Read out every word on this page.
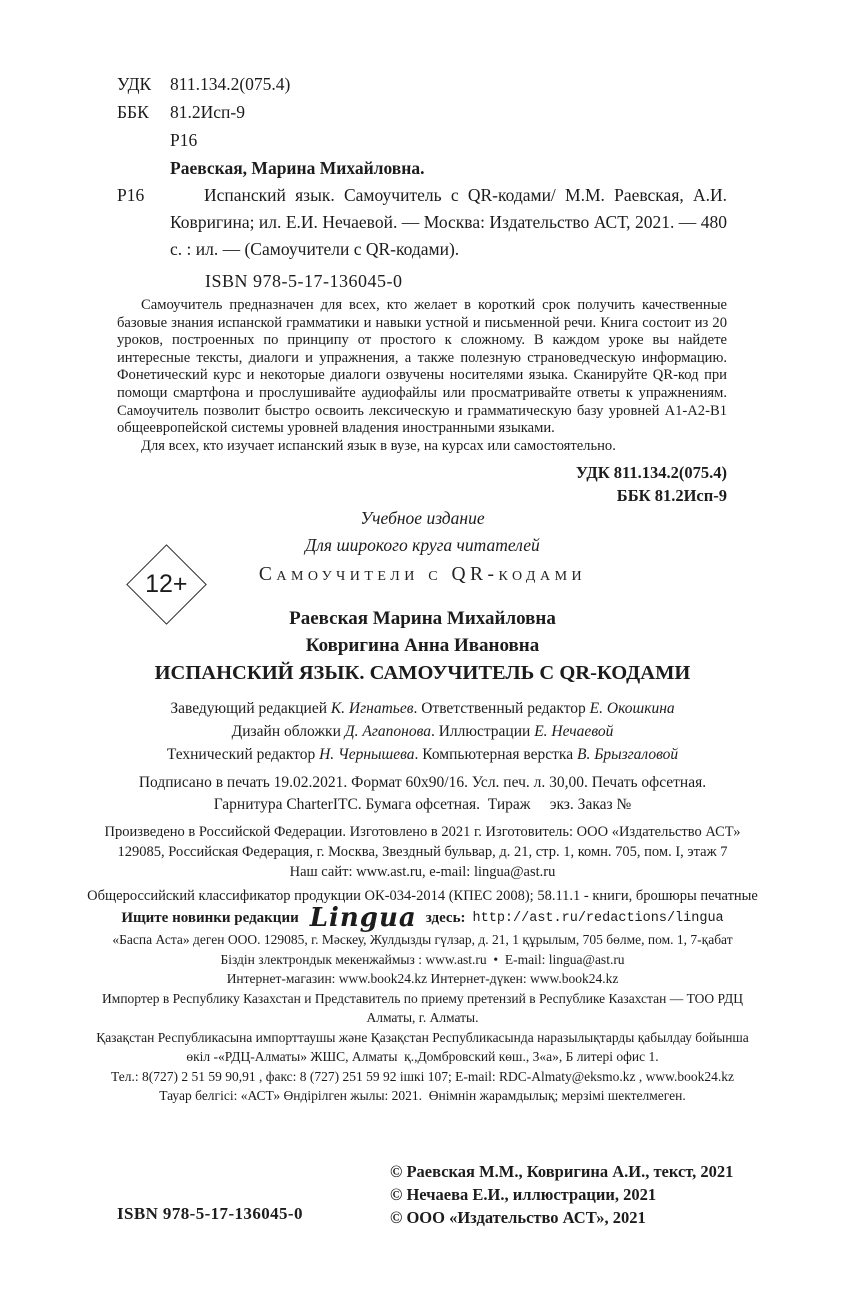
УДК	811.134.2(075.4)
ББК	81.2Исп-9
Р16
Раевская, Марина Михайловна.
Р16	Испанский язык. Самоучитель с QR-кодами/ М.М. Раевская, А.И. Ковригина; ил. Е.И. Нечаевой. — Москва: Издательство АСТ, 2021. — 480 с. : ил. — (Самоучители с QR-кодами).
ISBN 978-5-17-136045-0

Самоучитель предназначен для всех, кто желает в короткий срок получить качественные базовые знания испанской грамматики и навыки устной и письменной речи. Книга состоит из 20 уроков, построенных по принципу от простого к сложному. В каждом уроке вы найдете интересные тексты, диалоги и упражнения, а также полезную страноведческую информацию. Фонетический курс и некоторые диалоги озвучены носителями языка. Сканируйте QR-код при помощи смартфона и прослушивайте аудиофайлы или просматривайте ответы к упражнениям. Самоучитель позволит быстро освоить лексическую и грамматическую базу уровней A1-A2-B1 общеевропейской системы уровней владения иностранными языками.

Для всех, кто изучает испанский язык в вузе, на курсах или самостоятельно.

УДК 811.134.2(075.4)
ББК 81.2Исп-9
Учебное издание
Для широкого круга читателей
Самоучители с QR-кодами
12+
Раевская Марина Михайловна
Ковригина Анна Ивановна
ИСПАНСКИЙ ЯЗЫК. САМОУЧИТЕЛЬ С QR-КОДАМИ
Заведующий редакцией К. Игнатьев. Ответственный редактор Е. Окошкина
Дизайн обложки Д. Агапонова. Иллюстрации Е. Нечаевой
Технический редактор Н. Чернышева. Компьютерная верстка В. Брызгаловой
Подписано в печать 19.02.2021. Формат 60х90/16. Усл. печ. л. 30,00. Печать офсетная.
Гарнитура CharterITC. Бумага офсетная.  Тираж     экз. Заказ №
Произведено в Российской Федерации. Изготовлено в 2021 г. Изготовитель: ООО «Издательство АСТ»
129085, Российская Федерация, г. Москва, Звездный бульвар, д. 21, стр. 1, комн. 705, пом. I, этаж 7
Наш сайт: www.ast.ru, e-mail: lingua@ast.ru
Общероссийский классификатор продукции ОК-034-2014 (КПЕС 2008); 58.11.1 - книги, брошюры печатные
Ищите новинки редакции Lingua здесь: http://ast.ru/redactions/lingua
«Баспа Аста» деген ООО. 129085, г. Мәскеу, Жулдызды гүлзар, д. 21, 1 құрылым, 705 бөлме, пом. 1, 7-қабат
Біздін злектрондык мекенжаймыз : www.ast.ru  •  E-mail: lingua@ast.ru
Интернет-магазин: www.book24.kz Интернет-дүкен: www.book24.kz
Импортер в Республику Казахстан и Представитель по приему претензий в Республике Казахстан — ТОО РДЦ
Алматы, г. Алматы.
Қазақстан Республикасына импорттаушы және Қазақстан Республикасында наразылықтарды қабылдау бойынша
өкіл -«РДЦ-Алматы» ЖШС, Алматы  қ.,Домбровский көш., 3«а», Б литері офис 1.
Тел.: 8(727) 2 51 59 90,91 , факс: 8 (727) 251 59 92 ішкі 107; E-mail: RDC-Almaty@eksmo.kz , www.book24.kz
Тауар белгісі: «АСТ» Өндірілген жылы: 2021.  Өнімнін жарамдылық; мерзімі шектелмеген.
ISBN 978-5-17-136045-0
© Раевская М.М., Ковригина А.И., текст, 2021
© Нечаева Е.И., иллюстрации, 2021
© ООО «Издательство АСТ», 2021
